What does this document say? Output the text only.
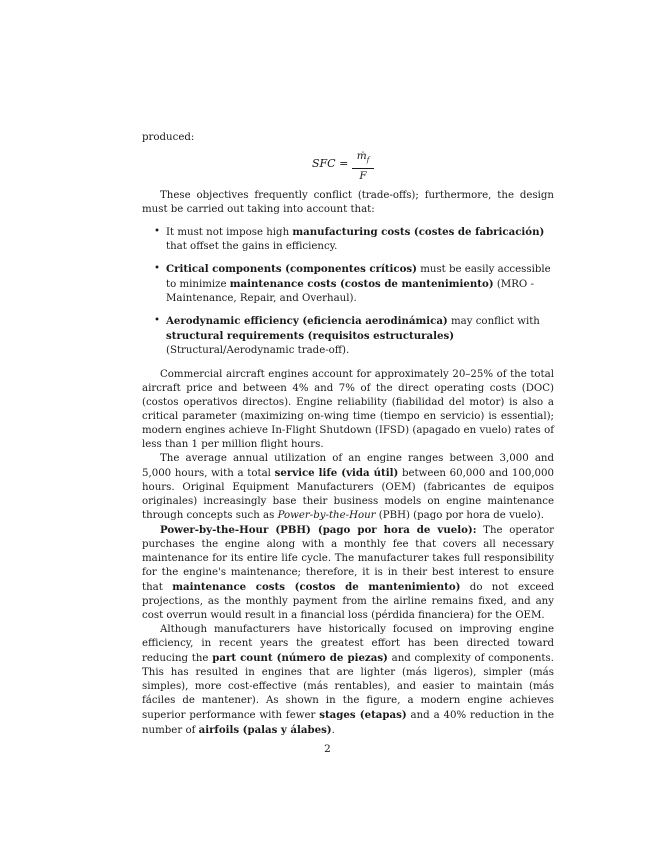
produced:

SFC = $\frac{ṁ_f}{F}$

These objectives frequently conflict (trade-offs); furthermore, the design must be carried out taking into account that:

• It must not impose high manufacturing costs (costes de fabricación) that offset the gains in efficiency.
• Critical components (componentes críticos) must be easily accessible to minimize maintenance costs (costos de mantenimiento) (MRO - Maintenance, Repair, and Overhaul).
• Aerodynamic efficiency (eficiencia aerodinámica) may conflict with structural requirements (requisitos estructurales) (Structural/Aerodynamic trade-off).

Commercial aircraft engines account for approximately 20–25% of the total aircraft price and between 4% and 7% of the direct operating costs (DOC) (costos operativos directos). Engine reliability (fiabilidad del motor) is also a critical parameter (maximizing on-wing time (tiempo en servicio) is essential); modern engines achieve In-Flight Shutdown (IFSD) (apagado en vuelo) rates of less than 1 per million flight hours.

The average annual utilization of an engine ranges between 3,000 and 5,000 hours, with a total service life (vida útil) between 60,000 and 100,000 hours. Original Equipment Manufacturers (OEM) (fabricantes de equipos originales) increasingly base their business models on engine maintenance through concepts such as Power-by-the-Hour (PBH) (pago por hora de vuelo).

Power-by-the-Hour (PBH) (pago por hora de vuelo): The operator purchases the engine along with a monthly fee that covers all necessary maintenance for its entire life cycle. The manufacturer takes full responsibility for the engine's maintenance; therefore, it is in their best interest to ensure that maintenance costs (costos de mantenimiento) do not exceed projections, as the monthly payment from the airline remains fixed, and any cost overrun would result in a financial loss (pérdida financiera) for the OEM.

Although manufacturers have historically focused on improving engine efficiency, in recent years the greatest effort has been directed toward reducing the part count (número de piezas) and complexity of components. This has resulted in engines that are lighter (más ligeros), simpler (más simples), more cost-effective (más rentables), and easier to maintain (más fáciles de mantener). As shown in the figure, a modern engine achieves superior performance with fewer stages (etapas) and a 40% reduction in the number of airfoils (palas y álabes).

2
